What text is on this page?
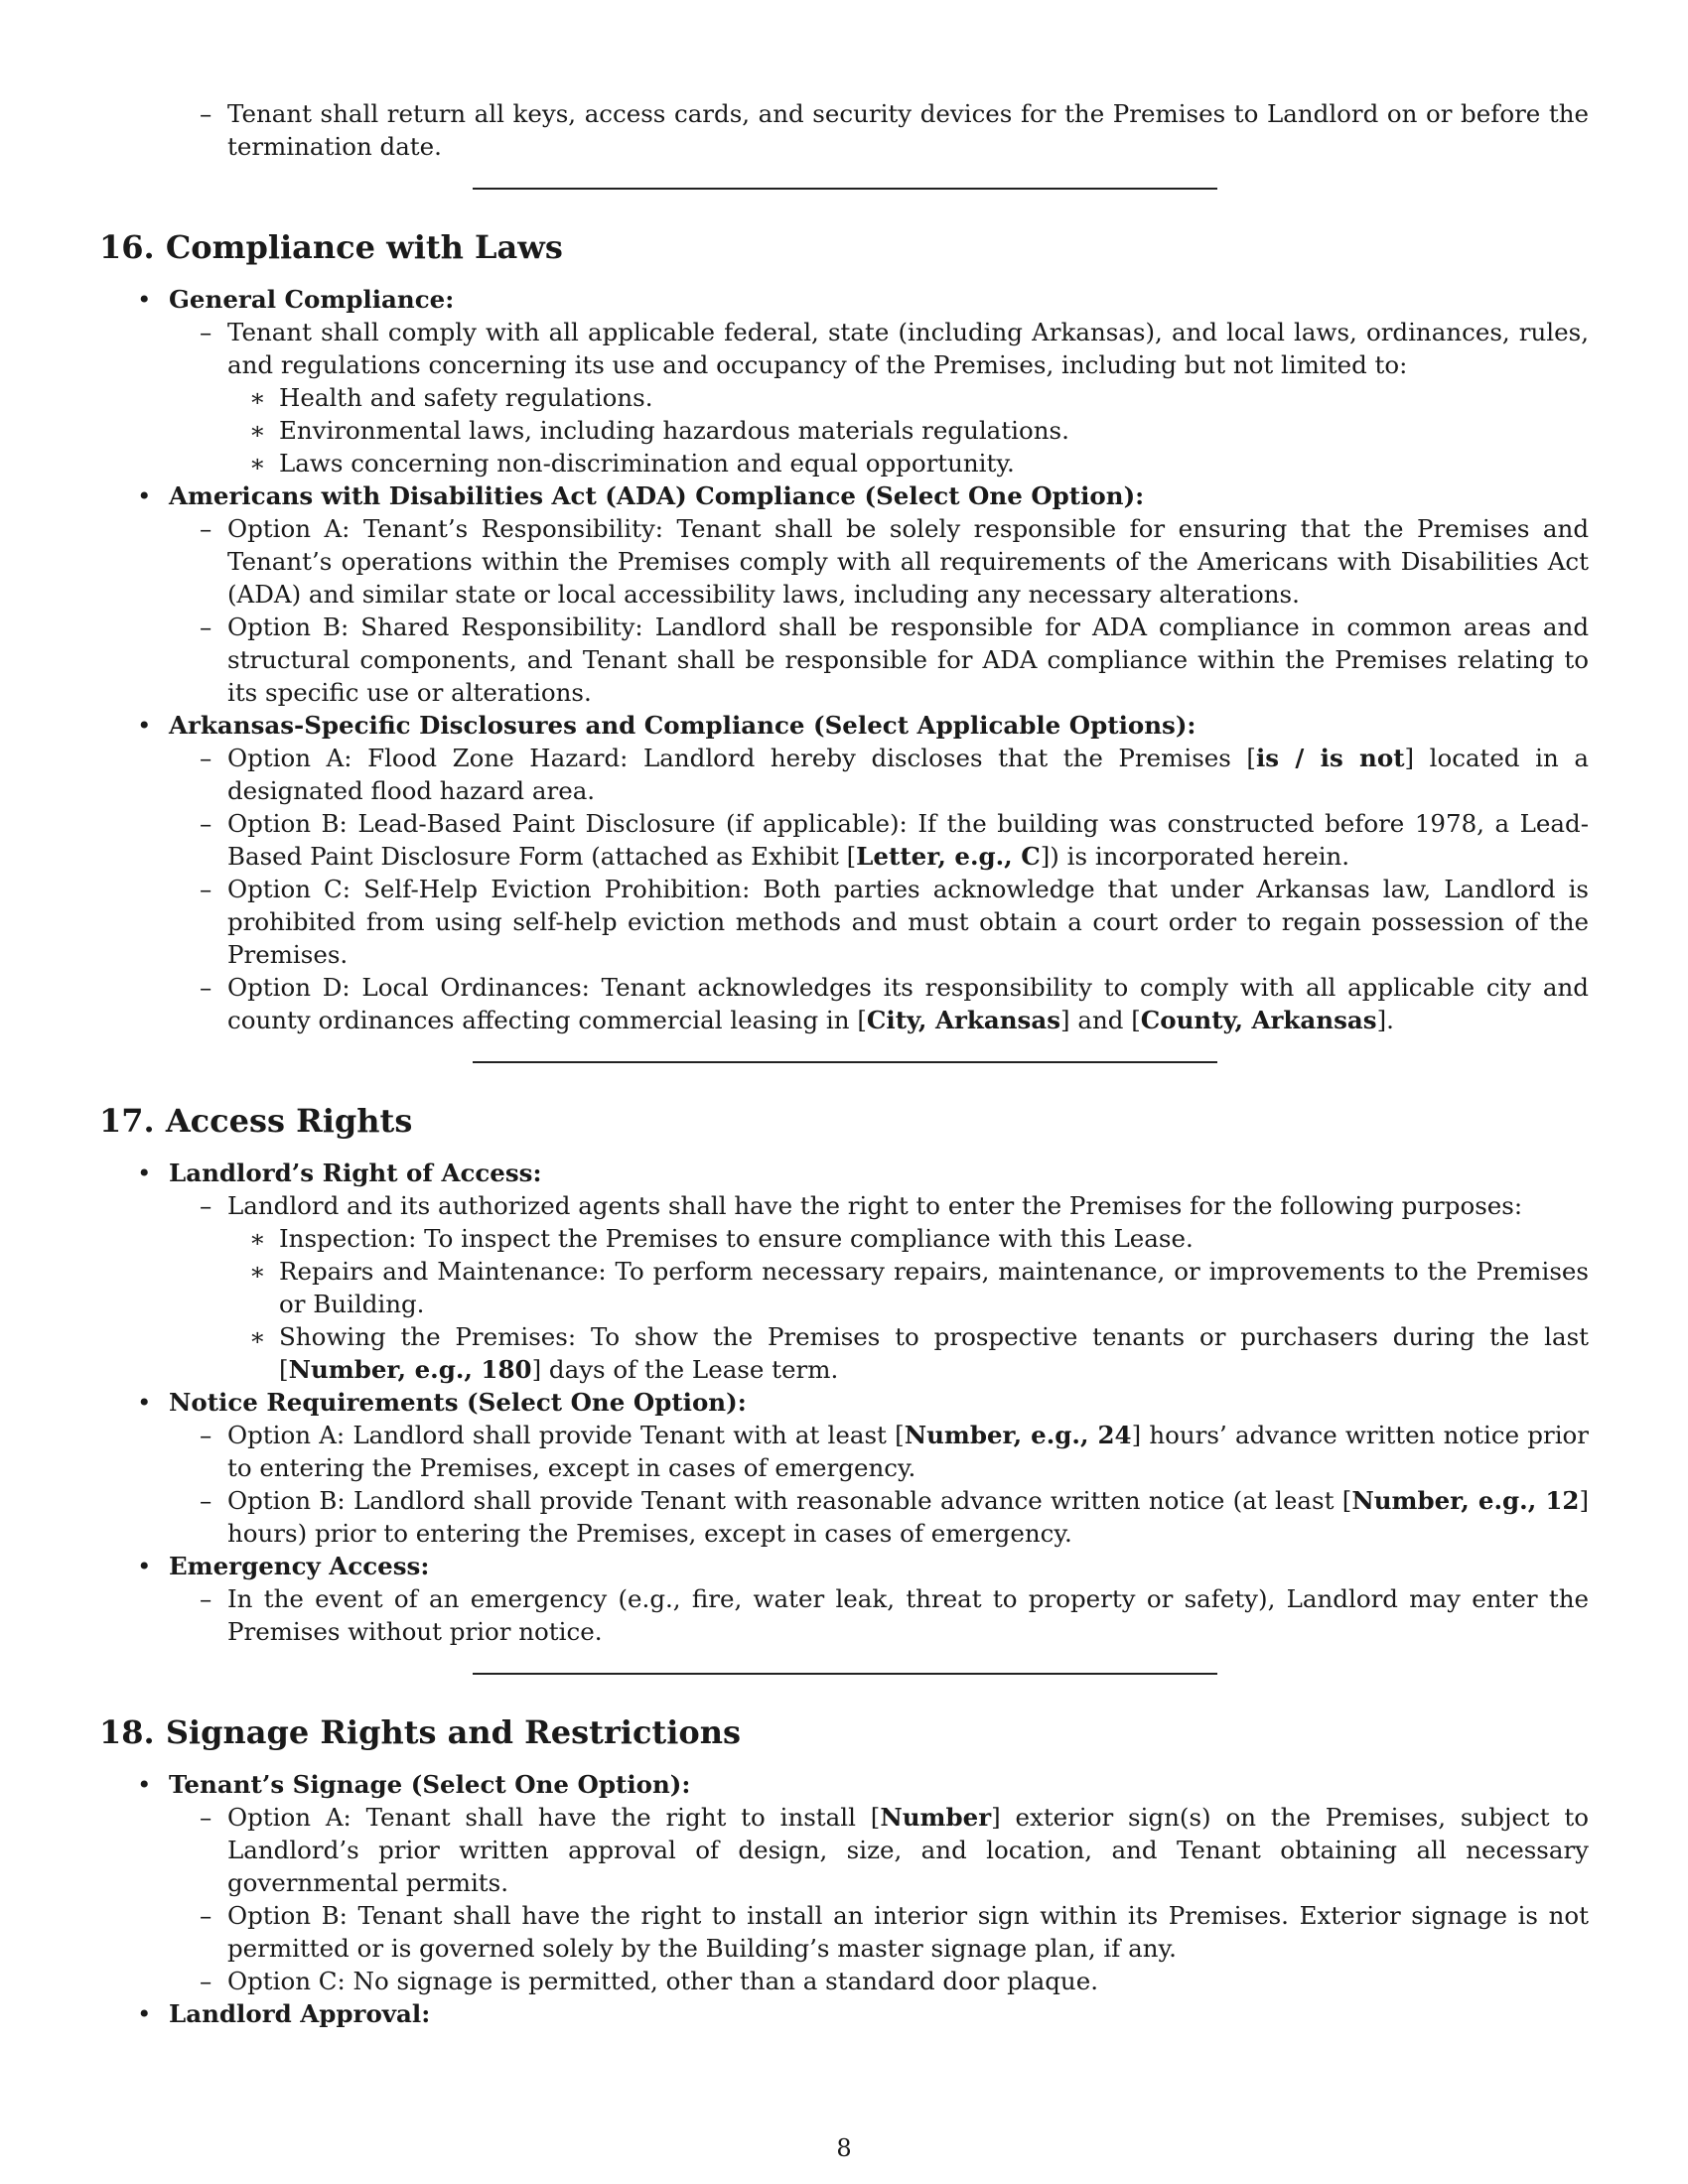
– Tenant shall return all keys, access cards, and security devices for the Premises to Landlord on or before the termination date.
16. Compliance with Laws
• General Compliance:
– Tenant shall comply with all applicable federal, state (including Arkansas), and local laws, ordinances, rules, and regulations concerning its use and occupancy of the Premises, including but not limited to:
∗ Health and safety regulations.
∗ Environmental laws, including hazardous materials regulations.
∗ Laws concerning non-discrimination and equal opportunity.
• Americans with Disabilities Act (ADA) Compliance (Select One Option):
– Option A: Tenant’s Responsibility: Tenant shall be solely responsible for ensuring that the Premises and Tenant’s operations within the Premises comply with all requirements of the Americans with Disabilities Act (ADA) and similar state or local accessibility laws, including any necessary alterations.
– Option B: Shared Responsibility: Landlord shall be responsible for ADA compliance in common areas and structural components, and Tenant shall be responsible for ADA compliance within the Premises relating to its specific use or alterations.
• Arkansas-Specific Disclosures and Compliance (Select Applicable Options):
– Option A: Flood Zone Hazard: Landlord hereby discloses that the Premises [is / is not] located in a designated flood hazard area.
– Option B: Lead-Based Paint Disclosure (if applicable): If the building was constructed before 1978, a Lead-Based Paint Disclosure Form (attached as Exhibit [Letter, e.g., C]) is incorporated herein.
– Option C: Self-Help Eviction Prohibition: Both parties acknowledge that under Arkansas law, Landlord is prohibited from using self-help eviction methods and must obtain a court order to regain possession of the Premises.
– Option D: Local Ordinances: Tenant acknowledges its responsibility to comply with all applicable city and county ordinances affecting commercial leasing in [City, Arkansas] and [County, Arkansas].
17. Access Rights
• Landlord’s Right of Access:
– Landlord and its authorized agents shall have the right to enter the Premises for the following purposes:
∗ Inspection: To inspect the Premises to ensure compliance with this Lease.
∗ Repairs and Maintenance: To perform necessary repairs, maintenance, or improvements to the Premises or Building.
∗ Showing the Premises: To show the Premises to prospective tenants or purchasers during the last [Number, e.g., 180] days of the Lease term.
• Notice Requirements (Select One Option):
– Option A: Landlord shall provide Tenant with at least [Number, e.g., 24] hours’ advance written notice prior to entering the Premises, except in cases of emergency.
– Option B: Landlord shall provide Tenant with reasonable advance written notice (at least [Number, e.g., 12] hours) prior to entering the Premises, except in cases of emergency.
• Emergency Access:
– In the event of an emergency (e.g., fire, water leak, threat to property or safety), Landlord may enter the Premises without prior notice.
18. Signage Rights and Restrictions
• Tenant’s Signage (Select One Option):
– Option A: Tenant shall have the right to install [Number] exterior sign(s) on the Premises, subject to Landlord’s prior written approval of design, size, and location, and Tenant obtaining all necessary governmental permits.
– Option B: Tenant shall have the right to install an interior sign within its Premises. Exterior signage is not permitted or is governed solely by the Building’s master signage plan, if any.
– Option C: No signage is permitted, other than a standard door plaque.
• Landlord Approval:
8
